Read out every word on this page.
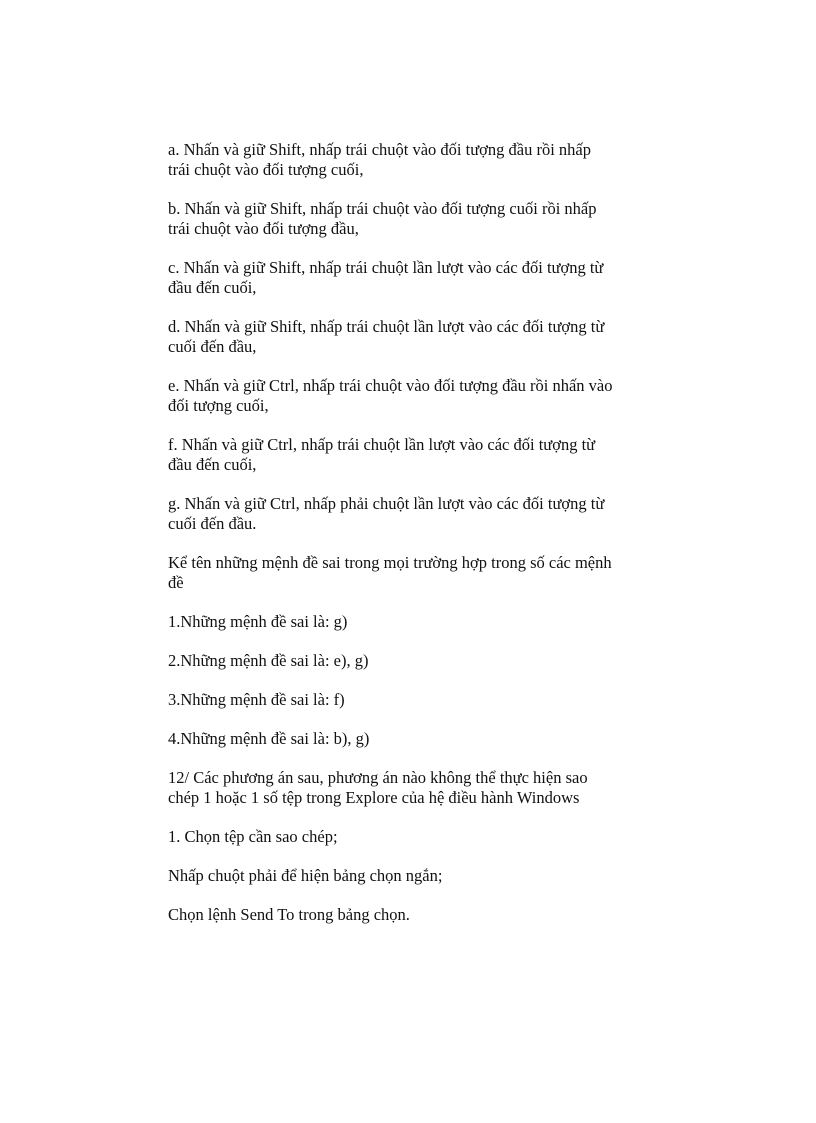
a. Nhấn và giữ Shift, nhấp trái chuột vào đối tượng đầu rồi nhấp
trái chuột vào đối tượng cuối,

b. Nhấn và giữ Shift, nhấp trái chuột vào đối tượng cuối rồi nhấp
trái chuột vào đối tượng đầu,

c. Nhấn và giữ Shift, nhấp trái chuột lần lượt vào các đối tượng từ
đầu đến cuối,

d. Nhấn và giữ Shift, nhấp trái chuột lần lượt vào các đối tượng từ
cuối đến đầu,

e. Nhấn và giữ Ctrl, nhấp trái chuột vào đối tượng đầu rồi nhấn vào
đối tượng cuối,

f. Nhấn và giữ Ctrl, nhấp trái chuột lần lượt vào các đối tượng từ
đầu đến cuối,

g. Nhấn và giữ Ctrl, nhấp phải chuột lần lượt vào các đối tượng từ
cuối đến đầu.

Kể tên những mệnh đề sai trong mọi trường hợp trong số các mệnh
đề

1.Những mệnh đề sai là: g)

2.Những mệnh đề sai là: e), g)

3.Những mệnh đề sai là: f)

4.Những mệnh đề sai là: b), g)

12/ Các phương án sau, phương án nào không thể thực hiện sao
chép 1 hoặc 1 số tệp trong Explore của hệ điều hành Windows

1. Chọn tệp cần sao chép;

Nhấp chuột phải để hiện bảng chọn ngắn;

Chọn lệnh Send To trong bảng chọn.
